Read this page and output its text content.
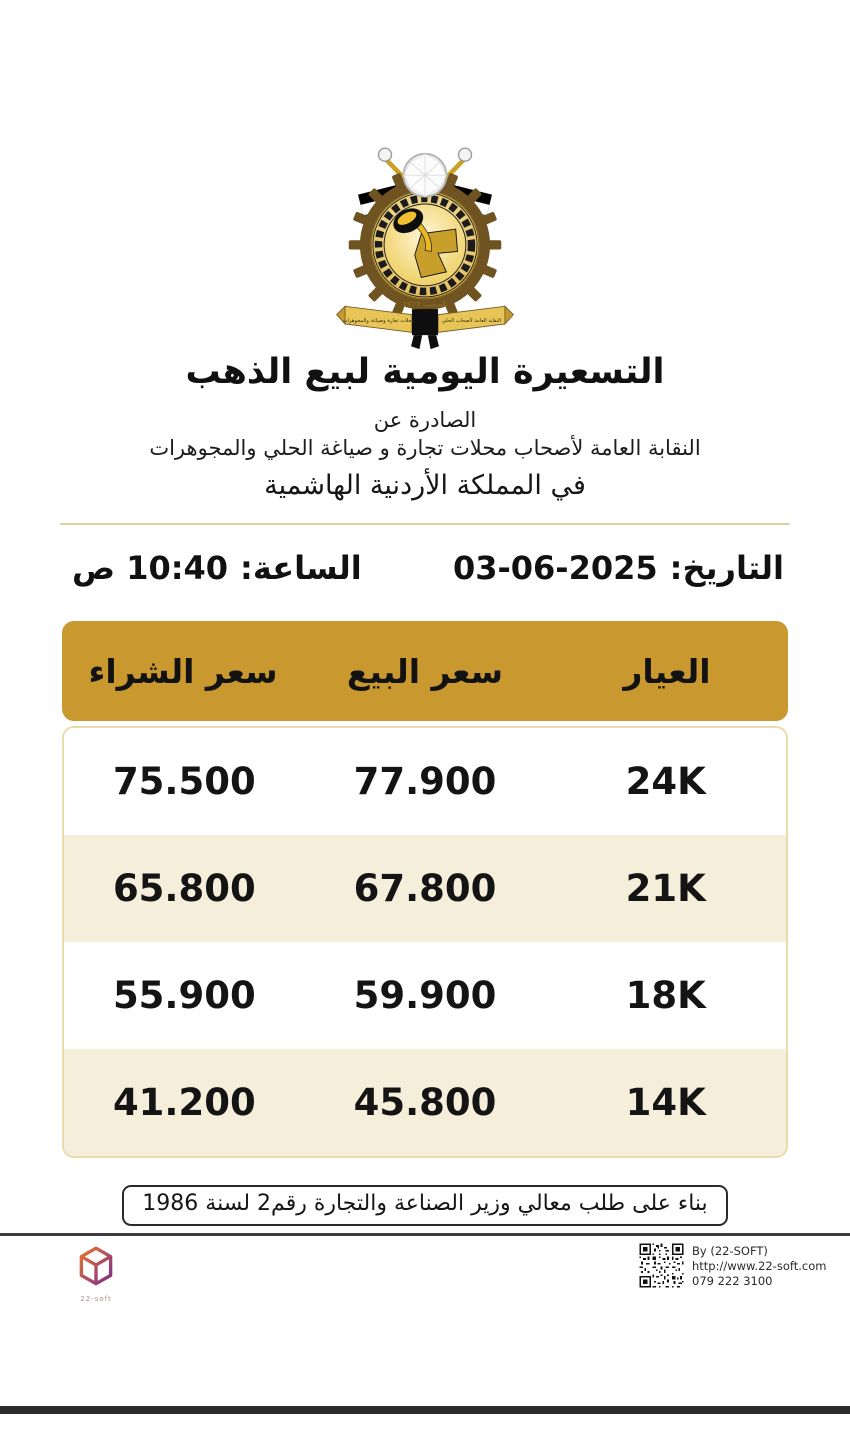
تأسست 1972
محلات تجارة وصياغة والمجوهرات	النقابة العامة لأصحاب الحلي
التسعيرة اليومية لبيع الذهب
الصادرة عن
النقابة العامة لأصحاب محلات تجارة و صياغة الحلي والمجوهرات
في المملكة الأردنية الهاشمية
التاريخ:
03-06-2025
الساعة:
10:40 ص
العيار
سعر البيع
سعر الشراء
24K
77.900
75.500
21K
67.800
65.800
18K
59.900
55.900
14K
45.800
41.200
بناء على طلب معالي وزير الصناعة والتجارة رقم2 لسنة 1986
22-soft
By (22-SOFT)
http://www.22-soft.com
079 222 3100
